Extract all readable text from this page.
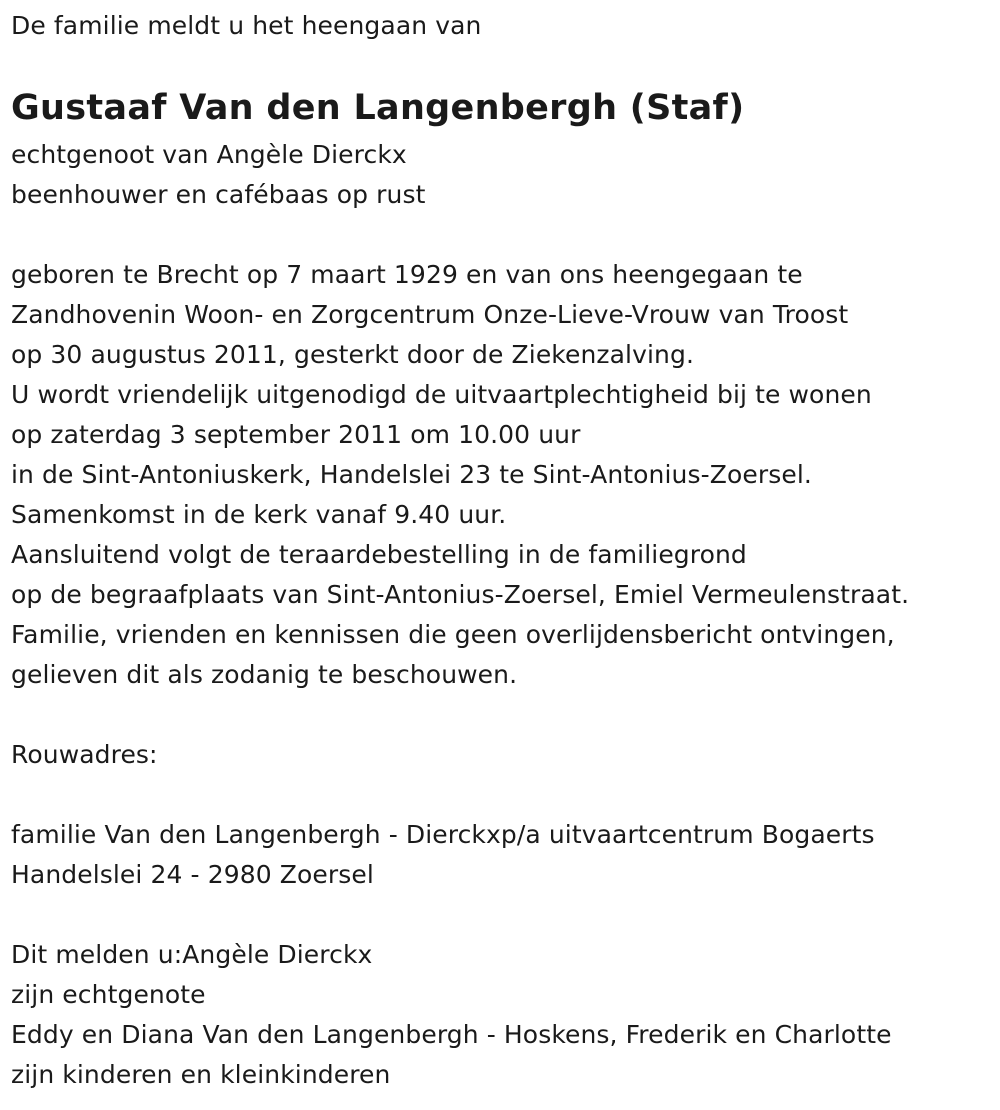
De familie meldt u het heengaan van
Gustaaf Van den Langenbergh (Staf)
echtgenoot van Angèle Dierckx
beenhouwer en cafébaas op rust
geboren te Brecht op 7 maart 1929 en van ons heengegaan te
Zandhovenin Woon- en Zorgcentrum Onze-Lieve-Vrouw van Troost
op 30 augustus 2011, gesterkt door de Ziekenzalving.
U wordt vriendelijk uitgenodigd de uitvaartplechtigheid bij te wonen
op zaterdag 3 september 2011 om 10.00 uur
in de Sint-Antoniuskerk, Handelslei 23 te Sint-Antonius-Zoersel.
Samenkomst in de kerk vanaf 9.40 uur.
Aansluitend volgt de teraardebestelling in de familiegrond
op de begraafplaats van Sint-Antonius-Zoersel, Emiel Vermeulenstraat.
Familie, vrienden en kennissen die geen overlijdensbericht ontvingen,
gelieven dit als zodanig te beschouwen.
Rouwadres:
familie Van den Langenbergh - Dierckxp/a uitvaartcentrum Bogaerts
Handelslei 24 - 2980 Zoersel
Dit melden u:Angèle Dierckx
zijn echtgenote
Eddy en Diana Van den Langenbergh - Hoskens, Frederik en Charlotte
zijn kinderen en kleinkinderen
